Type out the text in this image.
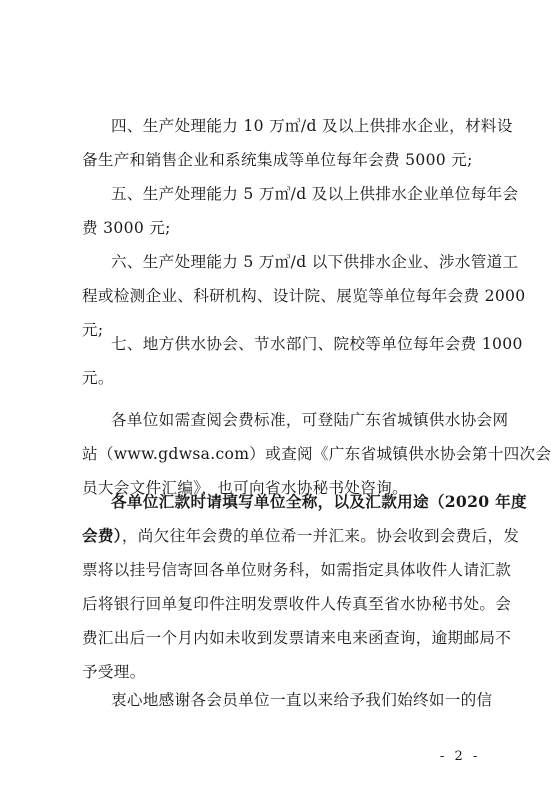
四、生产处理能力 10 万㎥/d 及以上供排水企业，材料设
备生产和销售企业和系统集成等单位每年会费 5000 元;

五、生产处理能力 5 万㎥/d 及以上供排水企业单位每年会
费 3000 元;

六、生产处理能力 5 万㎥/d 以下供排水企业、涉水管道工
程或检测企业、科研机构、设计院、展览等单位每年会费 2000
元;

七、地方供水协会、节水部门、院校等单位每年会费 1000
元。

各单位如需查阅会费标准，可登陆广东省城镇供水协会网
站（www.gdwsa.com）或查阅《广东省城镇供水协会第十四次会
员大会文件汇编》，也可向省水协秘书处咨询。

各单位汇款时请填写单位全称，以及汇款用途（2020 年度
会费），尚欠往年会费的单位希一并汇来。协会收到会费后，发
票将以挂号信寄回各单位财务科，如需指定具体收件人请汇款
后将银行回单复印件注明发票收件人传真至省水协秘书处。会
费汇出后一个月内如未收到发票请来电来函查询，逾期邮局不
予受理。

衷心地感谢各会员单位一直以来给予我们始终如一的信

- 2 -
